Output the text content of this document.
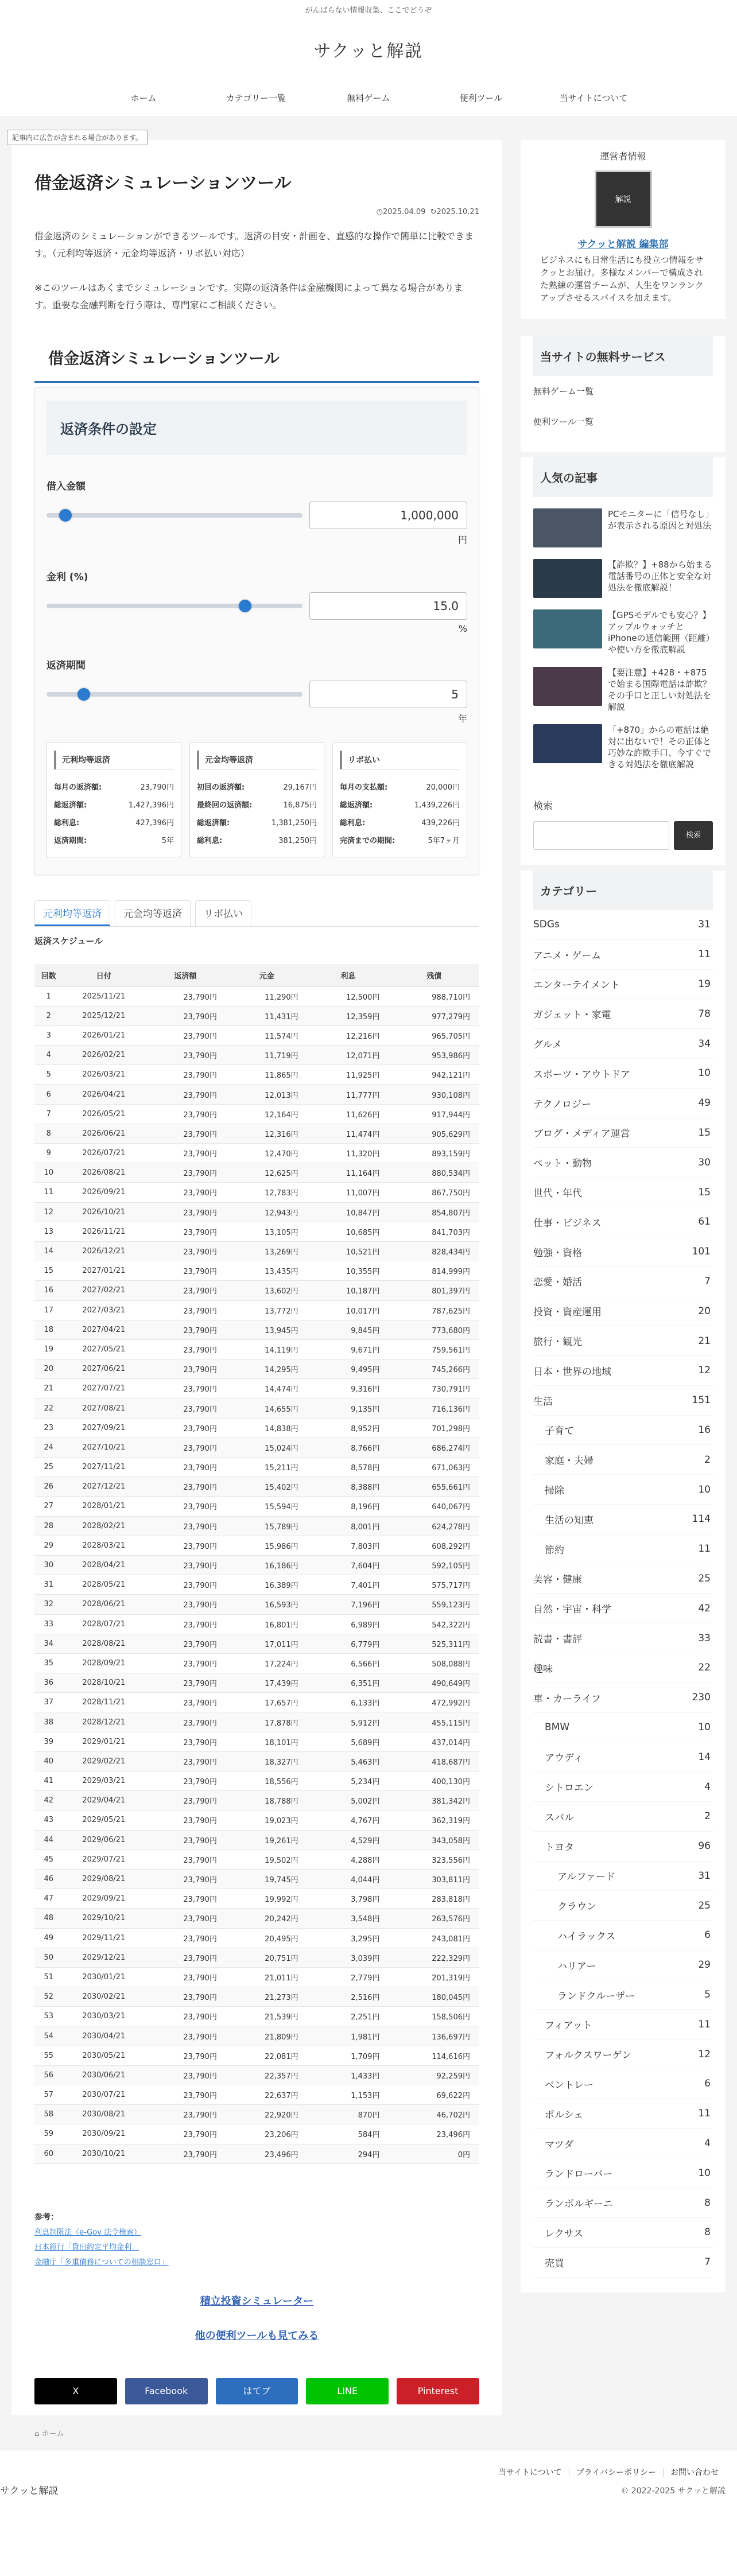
がんばらない情報収集、ここでどうぞ
サクッと解説
ホーム	カテゴリー一覧	無料ゲーム	便利ツール	当サイトについて
記事内に広告が含まれる場合があります。
借金返済シミュレーションツール
◷2025.04.09 ↻2025.10.21

借金返済のシミュレーションができるツールです。返済の目安・計画を、直感的な操作で簡単に比較できます。（元利均等返済・元金均等返済・リボ払い対応）

※このツールはあくまでシミュレーションです。実際の返済条件は金融機関によって異なる場合があります。重要な金融判断を行う際は、専門家にご相談ください。

借金返済シミュレーションツール
返済条件の設定
借入金額
1,000,000
円
金利 (%)
15.0
%
返済期間
5
年
元利均等返済
毎月の返済額:	23,790円
総返済額:	1,427,396円
総利息:	427,396円
返済期間:	5年
元金均等返済
初回の返済額:	29,167円
最終回の返済額:	16,875円
総返済額:	1,381,250円
総利息:	381,250円
リボ払い
毎月の支払額:	20,000円
総返済額:	1,439,226円
総利息:	439,226円
完済までの期間:	5年7ヶ月
元利均等返済	元金均等返済	リボ払い
返済スケジュール
回数	日付	返済額	元金	利息	残債
1	2025/11/21	23,790円	11,290円	12,500円	988,710円
2	2025/12/21	23,790円	11,431円	12,359円	977,279円
3	2026/01/21	23,790円	11,574円	12,216円	965,705円
4	2026/02/21	23,790円	11,719円	12,071円	953,986円
5	2026/03/21	23,790円	11,865円	11,925円	942,121円
6	2026/04/21	23,790円	12,013円	11,777円	930,108円
7	2026/05/21	23,790円	12,164円	11,626円	917,944円
8	2026/06/21	23,790円	12,316円	11,474円	905,629円
9	2026/07/21	23,790円	12,470円	11,320円	893,159円
10	2026/08/21	23,790円	12,625円	11,164円	880,534円
11	2026/09/21	23,790円	12,783円	11,007円	867,750円
12	2026/10/21	23,790円	12,943円	10,847円	854,807円
13	2026/11/21	23,790円	13,105円	10,685円	841,703円
14	2026/12/21	23,790円	13,269円	10,521円	828,434円
15	2027/01/21	23,790円	13,435円	10,355円	814,999円
16	2027/02/21	23,790円	13,602円	10,187円	801,397円
17	2027/03/21	23,790円	13,772円	10,017円	787,625円
18	2027/04/21	23,790円	13,945円	9,845円	773,680円
19	2027/05/21	23,790円	14,119円	9,671円	759,561円
20	2027/06/21	23,790円	14,295円	9,495円	745,266円
21	2027/07/21	23,790円	14,474円	9,316円	730,791円
22	2027/08/21	23,790円	14,655円	9,135円	716,136円
23	2027/09/21	23,790円	14,838円	8,952円	701,298円
24	2027/10/21	23,790円	15,024円	8,766円	686,274円
25	2027/11/21	23,790円	15,211円	8,578円	671,063円
26	2027/12/21	23,790円	15,402円	8,388円	655,661円
27	2028/01/21	23,790円	15,594円	8,196円	640,067円
28	2028/02/21	23,790円	15,789円	8,001円	624,278円
29	2028/03/21	23,790円	15,986円	7,803円	608,292円
30	2028/04/21	23,790円	16,186円	7,604円	592,105円
31	2028/05/21	23,790円	16,389円	7,401円	575,717円
32	2028/06/21	23,790円	16,593円	7,196円	559,123円
33	2028/07/21	23,790円	16,801円	6,989円	542,322円
34	2028/08/21	23,790円	17,011円	6,779円	525,311円
35	2028/09/21	23,790円	17,224円	6,566円	508,088円
36	2028/10/21	23,790円	17,439円	6,351円	490,649円
37	2028/11/21	23,790円	17,657円	6,133円	472,992円
38	2028/12/21	23,790円	17,878円	5,912円	455,115円
39	2029/01/21	23,790円	18,101円	5,689円	437,014円
40	2029/02/21	23,790円	18,327円	5,463円	418,687円
41	2029/03/21	23,790円	18,556円	5,234円	400,130円
42	2029/04/21	23,790円	18,788円	5,002円	381,342円
43	2029/05/21	23,790円	19,023円	4,767円	362,319円
44	2029/06/21	23,790円	19,261円	4,529円	343,058円
45	2029/07/21	23,790円	19,502円	4,288円	323,556円
46	2029/08/21	23,790円	19,745円	4,044円	303,811円
47	2029/09/21	23,790円	19,992円	3,798円	283,818円
48	2029/10/21	23,790円	20,242円	3,548円	263,576円
49	2029/11/21	23,790円	20,495円	3,295円	243,081円
50	2029/12/21	23,790円	20,751円	3,039円	222,329円
51	2030/01/21	23,790円	21,011円	2,779円	201,319円
52	2030/02/21	23,790円	21,273円	2,516円	180,045円
53	2030/03/21	23,790円	21,539円	2,251円	158,506円
54	2030/04/21	23,790円	21,809円	1,981円	136,697円
55	2030/05/21	23,790円	22,081円	1,709円	114,616円
56	2030/06/21	23,790円	22,357円	1,433円	92,259円
57	2030/07/21	23,790円	22,637円	1,153円	69,622円
58	2030/08/21	23,790円	22,920円	870円	46,702円
59	2030/09/21	23,790円	23,206円	584円	23,496円
60	2030/10/21	23,790円	23,496円	294円	0円
参考：
利息制限法（e-Gov 法令検索）
日本銀行「貸出約定平均金利」
金融庁「多重債務についての相談窓口」
積立投資シミュレーター
他の便利ツールも見てみる
X	Facebook	はてブ	LINE	Pinterest
⌂ ホーム
運営者情報
解説
サクッと解説 編集部
ビジネスにも日常生活にも役立つ情報をサクッとお届け。多様なメンバーで構成された熟練の運営チームが、人生をワンランクアップさせるスパイスを加えます。
当サイトの無料サービス
無料ゲーム一覧
便利ツール一覧
人気の記事
PCモニターに「信号なし」が表示される原因と対処法
【詐欺？】+88から始まる電話番号の正体と安全な対処法を徹底解説！
【GPSモデルでも安心？】アップルウォッチとiPhoneの通信範囲（距離）や使い方を徹底解説
【要注意】+428・+875で始まる国際電話は詐欺？その手口と正しい対処法を解説
「+870」からの電話は絶対に出ないで！その正体と巧妙な詐欺手口、今すぐできる対処法を徹底解説
検索
検索
カテゴリー
SDGs	31
アニメ・ゲーム	11
エンターテイメント	19
ガジェット・家電	78
グルメ	34
スポーツ・アウトドア	10
テクノロジー	49
ブログ・メディア運営	15
ペット・動物	30
世代・年代	15
仕事・ビジネス	61
勉強・資格	101
恋愛・婚活	7
投資・資産運用	20
旅行・観光	21
日本・世界の地域	12
生活	151
子育て	16
家庭・夫婦	2
掃除	10
生活の知恵	114
節約	11
美容・健康	25
自然・宇宙・科学	42
読書・書評	33
趣味	22
車・カーライフ	230
BMW	10
アウディ	14
シトロエン	4
スバル	2
トヨタ	96
アルファード	31
クラウン	25
ハイラックス	6
ハリアー	29
ランドクルーザー	5
フィアット	11
フォルクスワーゲン	12
ベントレー	6
ポルシェ	11
マツダ	4
ランドローバー	10
ランボルギーニ	8
レクサス	8
売買	7
当サイトについて プライバシーポリシー お問い合わせ
サクッと解説	© 2022-2025 サクッと解説
